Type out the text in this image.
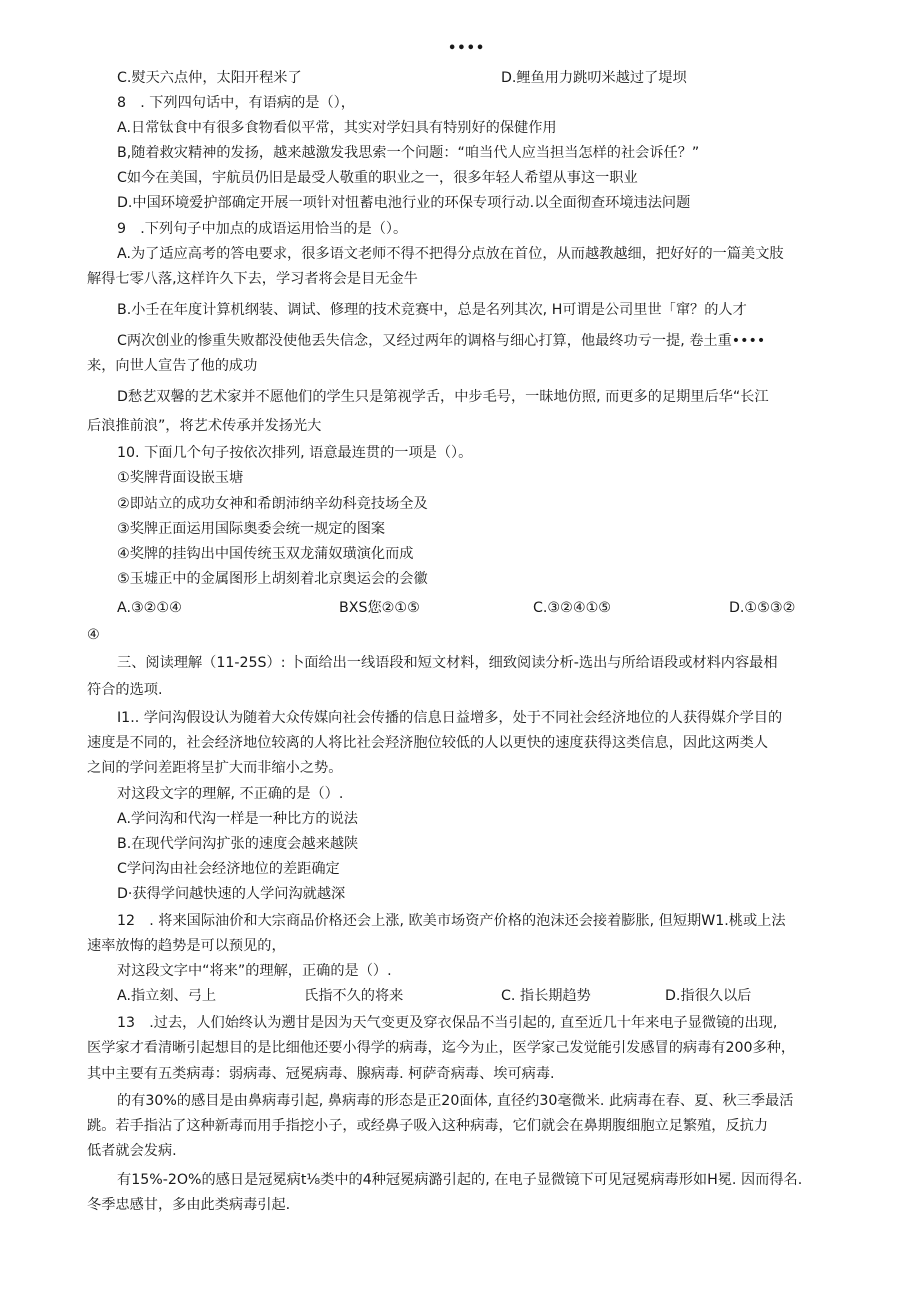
••••
C.熨天六点仲，太阳开程米了	D.鲤鱼用力跳叨米越过了堤坝
8　. 下列四句话中，有语病的是（），
A.日常钛食中有很多食物看似平常，其实对学妇具有特别好的保健作用
B,随着救灾精神的发扬，越来越激发我思索一个问题：“咱当代人应当担当怎样的社会诉任？”
C如今在美国，宇航员仍旧是最受人敬重的职业之一，很多年轻人希望从事这一职业
D.中国环境爱护部确定开展一项针对忸蓄电池行业的环保专项行动.以全面彻查环境违法问题
9　.下列句子中加点的成语运用恰当的是（）。
A.为了适应高考的答电要求，很多语文老师不得不把得分点放在首位，从而越教越细，把好好的一篇美文肢
解得七零八落,这样许久下去，学习者将会是目无金牛
B.小壬在年度计算机纲装、调试、修理的技术竞赛中，总是名列其次, H可谓是公司里世「窜？的人才
C两次创业的惨重失败都没使他丢失信念，又经过两年的调格与细心打算，他最终功亏一提, 卷土重••••
来，向世人宣告了他的成功
D愁艺双馨的艺术家并不愿他们的学生只是第视学舌，中步毛号，一昧地仿照, 而更多的足期里后华“长江
后浪推前浪”，将艺术传承并发扬光大
10. 下面几个句子按依次排列, 语意最连贯的一项是（）。
①奖牌背面设嵌玉塘
②即站立的成功女神和希朗沛纳辛幼科竞技场全及
③奖牌正面运用国际奥委会统一规定的图案
④奖牌的挂钩出中国传统玉双龙蒲奴璜演化而成
⑤玉墟正中的金属图形上胡刻着北京奥运会的会徽
A.③②①④	BXS您②①⑤	C.③②④①⑤	D.①⑤③②
④
三、阅读理解（11-25S）: 卜面给出一线语段和短文材料，细致阅读分析-选出与所给语段或材料内容最相
符合的选项.
I1.. 学问沟假设认为随着大众传媒向社会传播的信息日益增多，处于不同社会经济地位的人获得媒介学目的
速度是不同的，社会经济地位较离的人将比社会羟济胞位较低的人以更快的速度获得这类信息，因此这两类人
之间的学问差距将呈扩大而非缩小之势。
对这段文字的理解, 不正确的是（）.
A.学问沟和代沟一样是一种比方的说法
B.在现代学问沟扩张的速度会越来越陕
C学问沟由社会经济地位的差距确定
D·获得学问越快速的人学问沟就越深
12　. 将来国际油价和大宗商品价格还会上涨, 欧美市场资产价格的泡沫还会接着膨胀, 但短期W1.桃或上法
速率放悔的趋势是可以预见的，
对这段文字中“将来”的理解，正确的是（）.
A.指立刻、弓上	氏指不久的将来	C. 指长期趋势	D.指很久以后
13　.过去，人们始终认为遡甘是因为天气变更及穿衣保品不当引起的, 直至近几十年来电子显微镜的出现,
医学家才看清晰引起想目的是比细他还要小得学的病毒，迄今为止，医学家己发觉能引发感冒的病毒有200多种，
其中主要有五类病毒：弱病毒、冠冕病毒、腺病毒. 柯萨奇病毒、埃可病毒.
的有30%的感目是由鼻病毒引起, 鼻病毒的形态是正20面体, 直径约30毫微米. 此病毒在春、夏、秋三季最活
跳。若手指沾了这种新毒而用手指挖小子，或经鼻子吸入这种病毒，它们就会在鼻期腹细胞立足繁殖，反抗力
低者就会发病.
有15%-2O%的感日是冠冕病t⅛类中的4种冠冕病潞引起的, 在电子显微镜下可见冠冕病毒形如H冕. 因而得名.
冬季忠感甘，多由此类病毒引起.
